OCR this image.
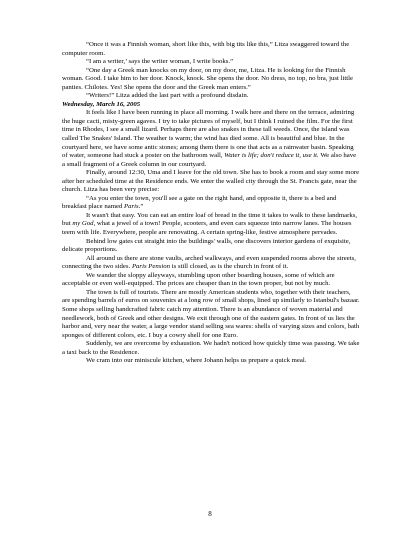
“Once it was a Finnish woman, short like this, with big tits like this,” Litza swaggered toward the computer room.

“I am a writer,’ says the writer woman, I write books.”

“One day a Greek man knocks on my door, on my door, me, Litza. He is looking for the Finnish woman. Good. I take him to her door. Knock, knock. She opens the door. No dress, no top, no bra, just little panties. Chilotes. Yes! She opens the door and the Greek man enters.”

“Writers!” Litza added the last part with a profound disdain.

Wednesday, March 16, 2005

It feels like I have been running in place all morning. I walk here and there on the terrace, admiring the huge cacti, misty-green agaves. I try to take pictures of myself, but I think I ruined the film. For the first time in Rhodes, I see a small lizard. Perhaps there are also snakes in these tall weeds. Once, the island was called The Snakes' Island. The weather is warm; the wind has died some. All is beautiful and blue. In the courtyard here, we have some antic stones; among them there is one that acts as a rainwater basin. Speaking of water, someone had stuck a poster on the bathroom wall, Water is life; don't reduce it, use it. We also have a small fragment of a Greek column in our courtyard.

Finally, around 12:30, Uma and I leave for the old town. She has to book a room and stay some more after her scheduled time at the Residence ends. We enter the walled city through the St. Francis gate, near the church. Litza has been very precise:

“As you enter the town, you'll see a gate on the right hand, and opposite it, there is a bed and breakfast place named Paris.”

It wasn't that easy. You can eat an entire loaf of bread in the time it takes to walk to these landmarks, but my God, what a jewel of a town! People, scooters, and even cars squeeze into narrow lanes. The houses teem with life. Everywhere, people are renovating. A certain spring-like, festive atmosphere pervades.

Behind low gates cut straight into the buildings' walls, one discovers interior gardens of exquisite, delicate proportions.

All around us there are stone vaults, arched walkways, and even suspended rooms above the streets, connecting the two sides. Paris Pension is still closed, as is the church in front of it.

We wander the sloppy alleyways, stumbling upon other boarding houses, some of which are acceptable or even well-equipped. The prices are cheaper than in the town proper, but not by much.

The town is full of tourists. There are mostly American students who, together with their teachers, are spending barrels of euros on souvenirs at a long row of small shops, lined up similarly to Istanbul's bazaar. Some shops selling handcrafted fabric catch my attention. There is an abundance of woven material and needlework, both of Greek and other designs. We exit through one of the eastern gates. In front of us lies the harbor and, very near the water, a large vendor stand selling sea wares: shells of varying sizes and colors, bath sponges of different colors, etc. I buy a cowry shell for one Euro.

Suddenly, we are overcome by exhaustion. We hadn't noticed how quickly time was passing. We take a taxi back to the Residence.

We cram into our miniscule kitchen, where Johann helps us prepare a quick meal.

8
